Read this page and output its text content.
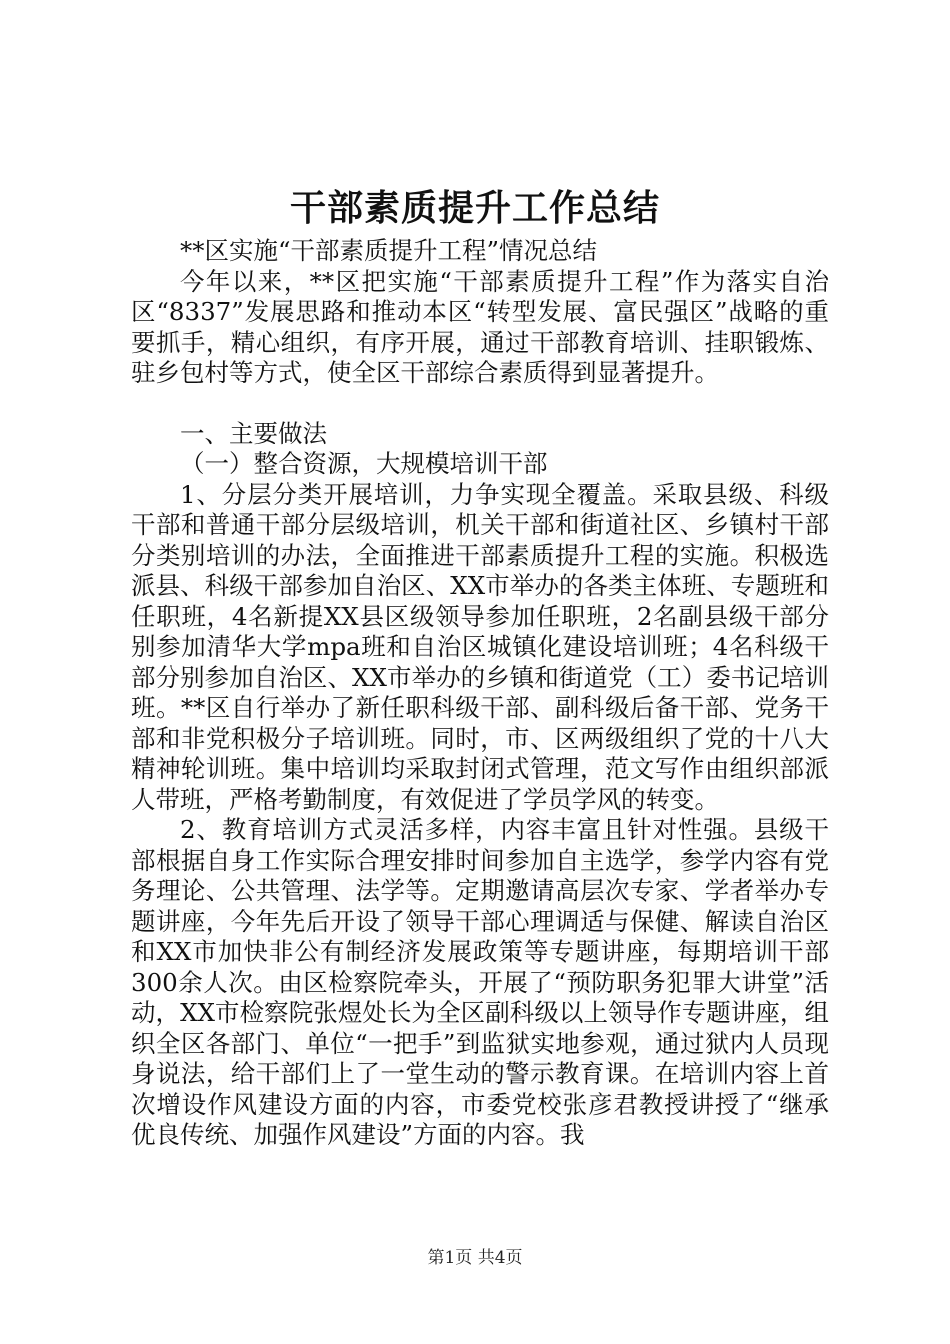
干部素质提升工作总结

**区实施“干部素质提升工程”情况总结

今年以来，**区把实施“干部素质提升工程”作为落实自治区“8337”发展思路和推动本区“转型发展、富民强区”战略的重要抓手，精心组织，有序开展，通过干部教育培训、挂职锻炼、驻乡包村等方式，使全区干部综合素质得到显著提升。

一、主要做法

（一）整合资源，大规模培训干部

1、分层分类开展培训，力争实现全覆盖。采取县级、科级干部和普通干部分层级培训，机关干部和街道社区、乡镇村干部分类别培训的办法，全面推进干部素质提升工程的实施。积极选派县、科级干部参加自治区、XX市举办的各类主体班、专题班和任职班，4名新提XX县区级领导参加任职班，2名副县级干部分别参加清华大学mpa班和自治区城镇化建设培训班；4名科级干部分别参加自治区、XX市举办的乡镇和街道党（工）委书记培训班。**区自行举办了新任职科级干部、副科级后备干部、党务干部和非党积极分子培训班。同时，市、区两级组织了党的十八大精神轮训班。集中培训均采取封闭式管理，范文写作由组织部派人带班，严格考勤制度，有效促进了学员学风的转变。

2、教育培训方式灵活多样，内容丰富且针对性强。县级干部根据自身工作实际合理安排时间参加自主选学，参学内容有党务理论、公共管理、法学等。定期邀请高层次专家、学者举办专题讲座，今年先后开设了领导干部心理调适与保健、解读自治区和XX市加快非公有制经济发展政策等专题讲座，每期培训干部300余人次。由区检察院牵头，开展了“预防职务犯罪大讲堂”活动，XX市检察院张煜处长为全区副科级以上领导作专题讲座，组织全区各部门、单位“一把手”到监狱实地参观，通过狱内人员现身说法，给干部们上了一堂生动的警示教育课。在培训内容上首次增设作风建设方面的内容，市委党校张彦君教授讲授了“继承优良传统、加强作风建设”方面的内容。我

第1页 共4页
